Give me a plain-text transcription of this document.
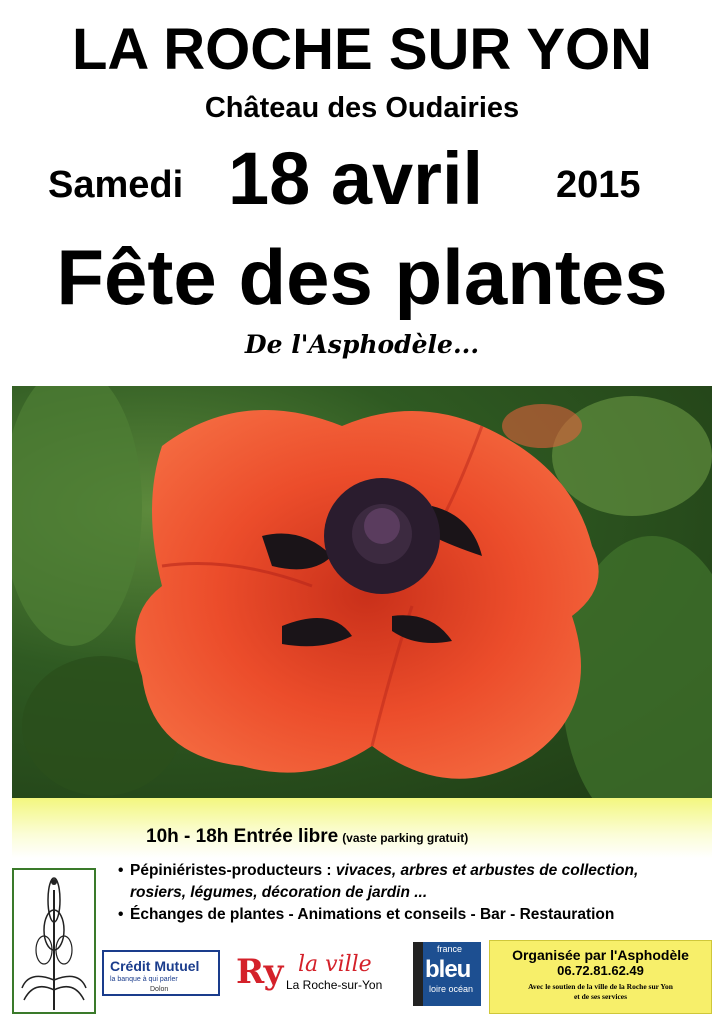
LA ROCHE SUR YON
Château des Oudairies
Samedi 18 avril 2015
Fête des plantes
De l'Asphodèle...
10h - 18h Entrée libre (vaste parking gratuit)
• Pépiniéristes-producteurs : vivaces, arbres et arbustes de collection,
rosiers, légumes, décoration de jardin ...
• Échanges de plantes - Animations et conseils - Bar - Restauration
Crédit Mutuel
la banque à qui parler
Dolon Ry la ville
La Roche-sur-Yon
france
bleu
loire océan
Organisée par l'Asphodèle
06.72.81.62.49
Avec le soutien de la ville de la Roche sur Yon
et de ses services
